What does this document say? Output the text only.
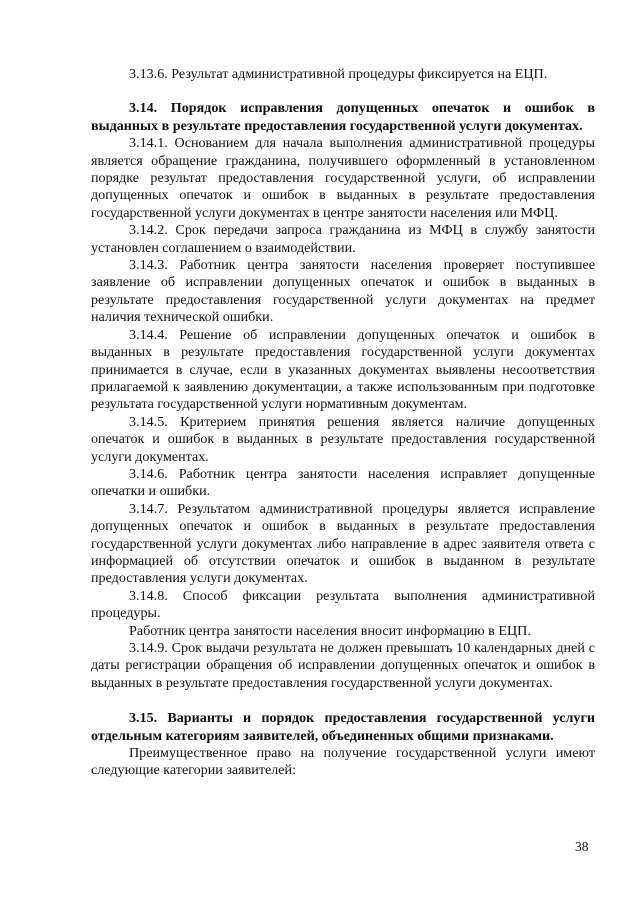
3.13.6. Результат административной процедуры фиксируется на ЕЦП.

3.14. Порядок исправления допущенных опечаток и ошибок в выданных в результате предоставления государственной услуги документах.

3.14.1. Основанием для начала выполнения административной процедуры является обращение гражданина, получившего оформленный в установленном порядке результат предоставления государственной услуги, об исправлении допущенных опечаток и ошибок в выданных в результате предоставления государственной услуги документах в центре занятости населения или МФЦ.

3.14.2. Срок передачи запроса гражданина из МФЦ в службу занятости установлен соглашением о взаимодействии.

3.14.3. Работник центра занятости населения проверяет поступившее заявление об исправлении допущенных опечаток и ошибок в выданных в результате предоставления государственной услуги документах на предмет наличия технической ошибки.

3.14.4. Решение об исправлении допущенных опечаток и ошибок в выданных в результате предоставления государственной услуги документах принимается в случае, если в указанных документах выявлены несоответствия прилагаемой к заявлению документации, а также использованным при подготовке результата государственной услуги нормативным документам.

3.14.5. Критерием принятия решения является наличие допущенных опечаток и ошибок в выданных в результате предоставления государственной услуги документах.

3.14.6. Работник центра занятости населения исправляет допущенные опечатки и ошибки.

3.14.7. Результатом административной процедуры является исправление допущенных опечаток и ошибок в выданных в результате предоставления государственной услуги документах либо направление в адрес заявителя ответа с информацией об отсутствии опечаток и ошибок в выданном в результате предоставления услуги документах.

3.14.8. Способ фиксации результата выполнения административной процедуры.

Работник центра занятости населения вносит информацию в ЕЦП.

3.14.9. Срок выдачи результата не должен превышать 10 календарных дней с даты регистрации обращения об исправлении допущенных опечаток и ошибок в выданных в результате предоставления государственной услуги документах.

3.15. Варианты и порядок предоставления государственной услуги отдельным категориям заявителей, объединенных общими признаками.

Преимущественное право на получение государственной услуги имеют следующие категории заявителей:

38
